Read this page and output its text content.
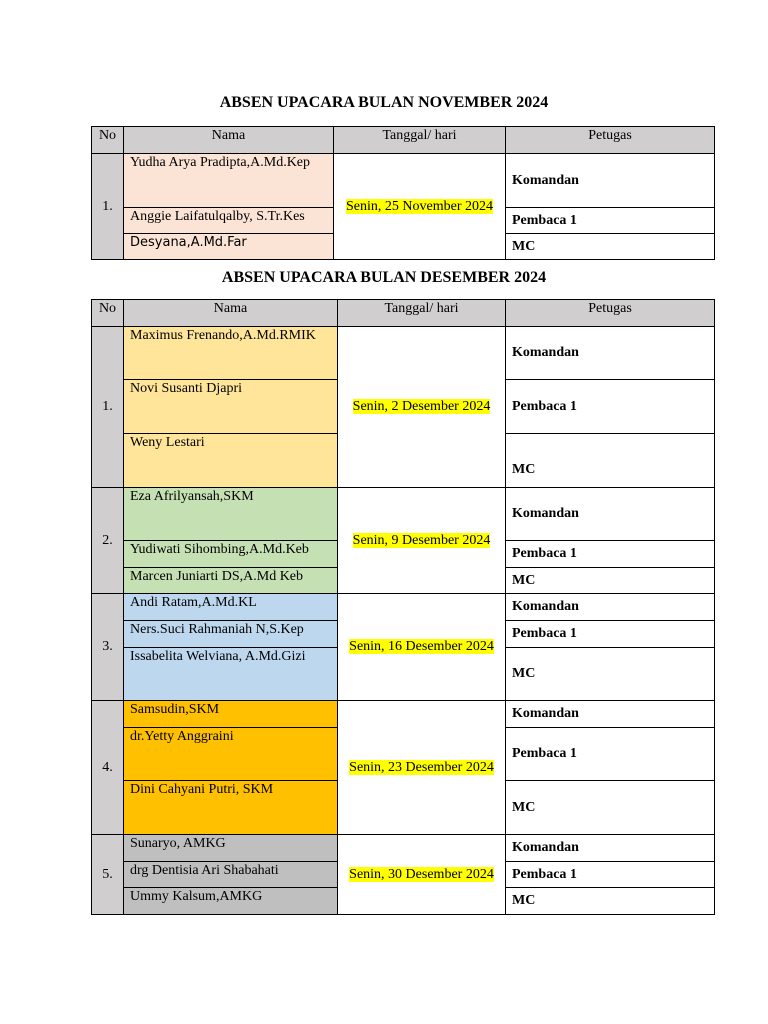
ABSEN UPACARA BULAN NOVEMBER 2024
No	Nama	Tanggal/ hari	Petugas
1.	Yudha Arya Pradipta,A.Md.Kep	Senin, 25 November 2024	Komandan
	Anggie Laifatulqalby, S.Tr.Kes		Pembaca 1
	Desyana,A.Md.Far		MC
ABSEN UPACARA BULAN DESEMBER 2024
No	Nama	Tanggal/ hari	Petugas
1.	Maximus Frenando,A.Md.RMIK	Senin, 2 Desember 2024	Komandan
	Novi Susanti Djapri		Pembaca 1
	Weny Lestari		MC
2.	Eza Afrilyansah,SKM	Senin, 9 Desember 2024	Komandan
	Yudiwati Sihombing,A.Md.Keb		Pembaca 1
	Marcen Juniarti DS,A.Md Keb		MC
3.	Andi Ratam,A.Md.KL	Senin, 16 Desember 2024	Komandan
	Ners.Suci Rahmaniah N,S.Kep		Pembaca 1
	Issabelita Welviana, A.Md.Gizi		MC
4.	Samsudin,SKM	Senin, 23 Desember 2024	Komandan
	dr.Yetty Anggraini		Pembaca 1
	Dini Cahyani Putri, SKM		MC
5.	Sunaryo, AMKG	Senin, 30 Desember 2024	Komandan
	drg Dentisia Ari Shabahati		Pembaca 1
	Ummy Kalsum,AMKG		MC
